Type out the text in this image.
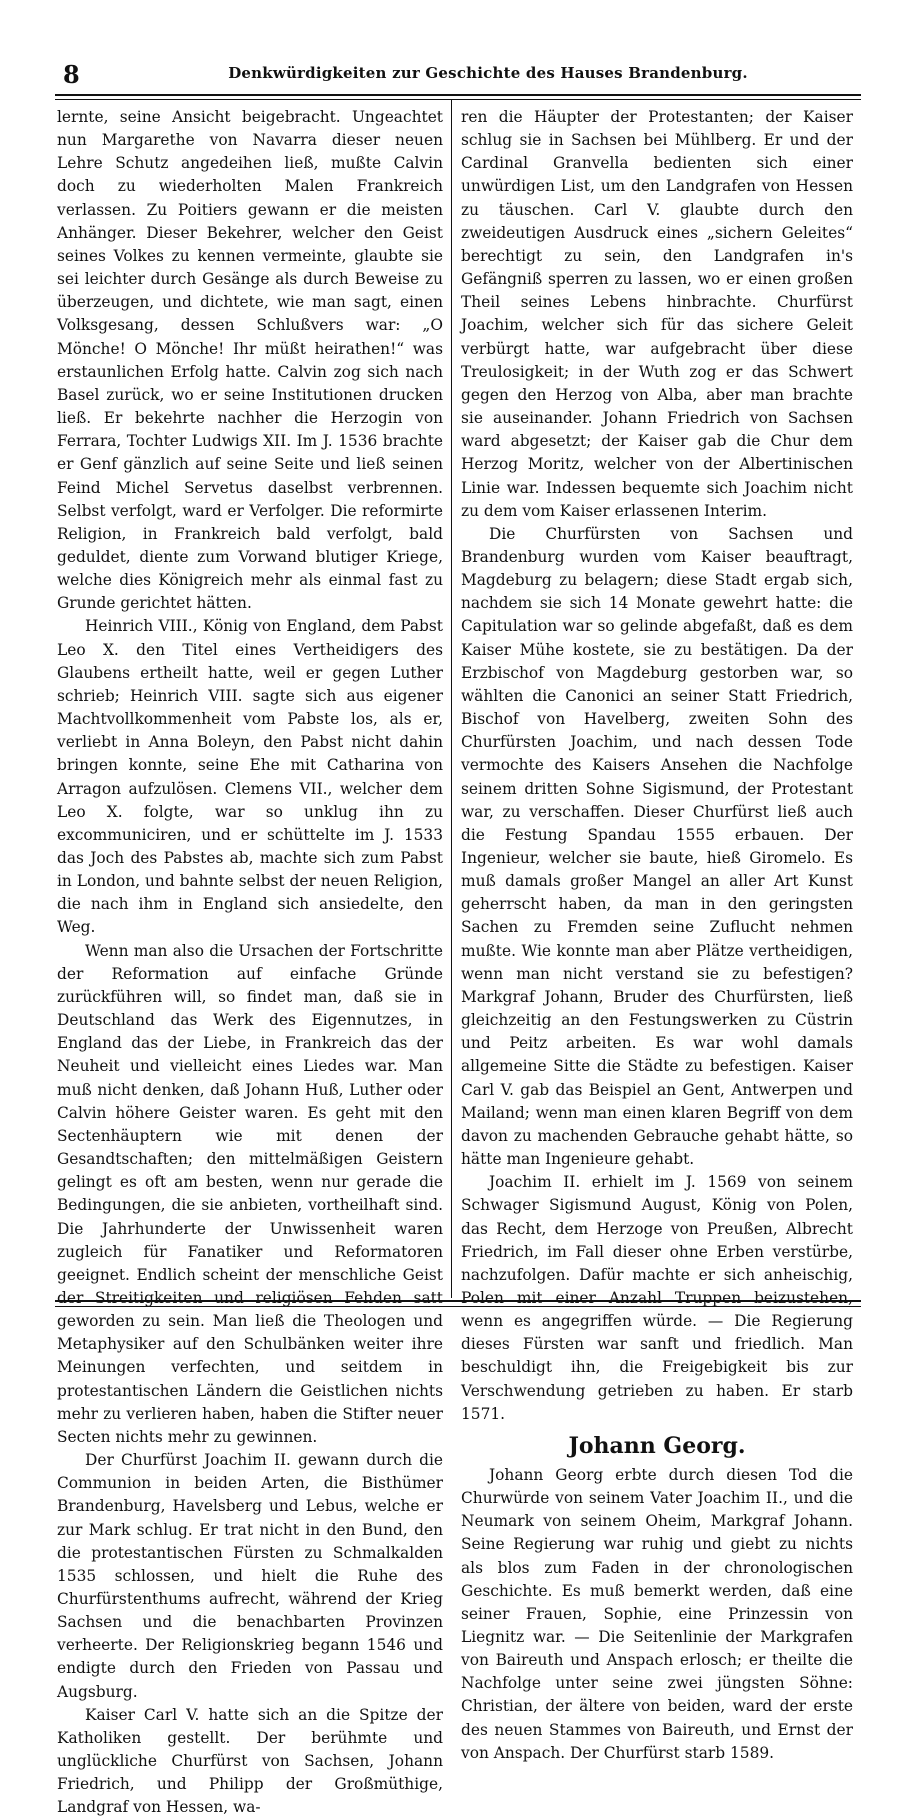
8	Denkwürdigkeiten zur Geschichte des Hauses Brandenburg.

lernte, seine Ansicht beigebracht. Ungeachtet nun Margarethe von Navarra dieser neuen Lehre Schutz angedeihen ließ, mußte Calvin doch zu wiederholten Malen Frankreich verlassen. Zu Poitiers gewann er die meisten Anhänger. Dieser Bekehrer, welcher den Geist seines Volkes zu kennen vermeinte, glaubte sie sei leichter durch Gesänge als durch Beweise zu überzeugen, und dichtete, wie man sagt, einen Volksgesang, dessen Schlußvers war: „O Mönche! O Mönche! Ihr müßt heirathen!“ was erstaunlichen Erfolg hatte. Calvin zog sich nach Basel zurück, wo er seine Institutionen drucken ließ. Er bekehrte nachher die Herzogin von Ferrara, Tochter Ludwigs XII. Im J. 1536 brachte er Genf gänzlich auf seine Seite und ließ seinen Feind Michel Servetus daselbst verbrennen. Selbst verfolgt, ward er Verfolger. Die reformirte Religion, in Frankreich bald verfolgt, bald geduldet, diente zum Vorwand blutiger Kriege, welche dies Königreich mehr als einmal fast zu Grunde gerichtet hätten.

Heinrich VIII., König von England, dem Pabst Leo X. den Titel eines Vertheidigers des Glaubens ertheilt hatte, weil er gegen Luther schrieb; Heinrich VIII. sagte sich aus eigener Machtvollkommenheit vom Pabste los, als er, verliebt in Anna Boleyn, den Pabst nicht dahin bringen konnte, seine Ehe mit Catharina von Arragon aufzulösen. Clemens VII., welcher dem Leo X. folgte, war so unklug ihn zu excommuniciren, und er schüttelte im J. 1533 das Joch des Pabstes ab, machte sich zum Pabst in London, und bahnte selbst der neuen Religion, die nach ihm in England sich ansiedelte, den Weg.

Wenn man also die Ursachen der Fortschritte der Reformation auf einfache Gründe zurückführen will, so findet man, daß sie in Deutschland das Werk des Eigennutzes, in England das der Liebe, in Frankreich das der Neuheit und vielleicht eines Liedes war. Man muß nicht denken, daß Johann Huß, Luther oder Calvin höhere Geister waren. Es geht mit den Sectenhäuptern wie mit denen der Gesandtschaften; den mittelmäßigen Geistern gelingt es oft am besten, wenn nur gerade die Bedingungen, die sie anbieten, vortheilhaft sind. Die Jahrhunderte der Unwissenheit waren zugleich für Fanatiker und Reformatoren geeignet. Endlich scheint der menschliche Geist der Streitigkeiten und religiösen Fehden satt geworden zu sein. Man ließ die Theologen und Metaphysiker auf den Schulbänken weiter ihre Meinungen verfechten, und seitdem in protestantischen Ländern die Geistlichen nichts mehr zu verlieren haben, haben die Stifter neuer Secten nichts mehr zu gewinnen.

Der Churfürst Joachim II. gewann durch die Communion in beiden Arten, die Bisthümer Brandenburg, Havelsberg und Lebus, welche er zur Mark schlug. Er trat nicht in den Bund, den die protestantischen Fürsten zu Schmalkalden 1535 schlossen, und hielt die Ruhe des Churfürstenthums aufrecht, während der Krieg Sachsen und die benachbarten Provinzen verheerte. Der Religionskrieg begann 1546 und endigte durch den Frieden von Passau und Augsburg.

Kaiser Carl V. hatte sich an die Spitze der Katholiken gestellt. Der berühmte und unglückliche Churfürst von Sachsen, Johann Friedrich, und Philipp der Großmüthige, Landgraf von Hessen, wa-

ren die Häupter der Protestanten; der Kaiser schlug sie in Sachsen bei Mühlberg. Er und der Cardinal Granvella bedienten sich einer unwürdigen List, um den Landgrafen von Hessen zu täuschen. Carl V. glaubte durch den zweideutigen Ausdruck eines „sichern Geleites“ berechtigt zu sein, den Landgrafen in's Gefängniß sperren zu lassen, wo er einen großen Theil seines Lebens hinbrachte. Churfürst Joachim, welcher sich für das sichere Geleit verbürgt hatte, war aufgebracht über diese Treulosigkeit; in der Wuth zog er das Schwert gegen den Herzog von Alba, aber man brachte sie auseinander. Johann Friedrich von Sachsen ward abgesetzt; der Kaiser gab die Chur dem Herzog Moritz, welcher von der Albertinischen Linie war. Indessen bequemte sich Joachim nicht zu dem vom Kaiser erlassenen Interim.

Die Churfürsten von Sachsen und Brandenburg wurden vom Kaiser beauftragt, Magdeburg zu belagern; diese Stadt ergab sich, nachdem sie sich 14 Monate gewehrt hatte: die Capitulation war so gelinde abgefaßt, daß es dem Kaiser Mühe kostete, sie zu bestätigen. Da der Erzbischof von Magdeburg gestorben war, so wählten die Canonici an seiner Statt Friedrich, Bischof von Havelberg, zweiten Sohn des Churfürsten Joachim, und nach dessen Tode vermochte des Kaisers Ansehen die Nachfolge seinem dritten Sohne Sigismund, der Protestant war, zu verschaffen. Dieser Churfürst ließ auch die Festung Spandau 1555 erbauen. Der Ingenieur, welcher sie baute, hieß Giromelo. Es muß damals großer Mangel an aller Art Kunst geherrscht haben, da man in den geringsten Sachen zu Fremden seine Zuflucht nehmen mußte. Wie konnte man aber Plätze vertheidigen, wenn man nicht verstand sie zu befestigen? Markgraf Johann, Bruder des Churfürsten, ließ gleichzeitig an den Festungswerken zu Cüstrin und Peitz arbeiten. Es war wohl damals allgemeine Sitte die Städte zu befestigen. Kaiser Carl V. gab das Beispiel an Gent, Antwerpen und Mailand; wenn man einen klaren Begriff von dem davon zu machenden Gebrauche gehabt hätte, so hätte man Ingenieure gehabt.

Joachim II. erhielt im J. 1569 von seinem Schwager Sigismund August, König von Polen, das Recht, dem Herzoge von Preußen, Albrecht Friedrich, im Fall dieser ohne Erben verstürbe, nachzufolgen. Dafür machte er sich anheischig, Polen mit einer Anzahl Truppen beizustehen, wenn es angegriffen würde. — Die Regierung dieses Fürsten war sanft und friedlich. Man beschuldigt ihn, die Freigebigkeit bis zur Verschwendung getrieben zu haben. Er starb 1571.

Johann Georg.

Johann Georg erbte durch diesen Tod die Churwürde von seinem Vater Joachim II., und die Neumark von seinem Oheim, Markgraf Johann. Seine Regierung war ruhig und giebt zu nichts als blos zum Faden in der chronologischen Geschichte. Es muß bemerkt werden, daß eine seiner Frauen, Sophie, eine Prinzessin von Liegnitz war. — Die Seitenlinie der Markgrafen von Baireuth und Anspach erlosch; er theilte die Nachfolge unter seine zwei jüngsten Söhne: Christian, der ältere von beiden, ward der erste des neuen Stammes von Baireuth, und Ernst der von Anspach. Der Churfürst starb 1589.
